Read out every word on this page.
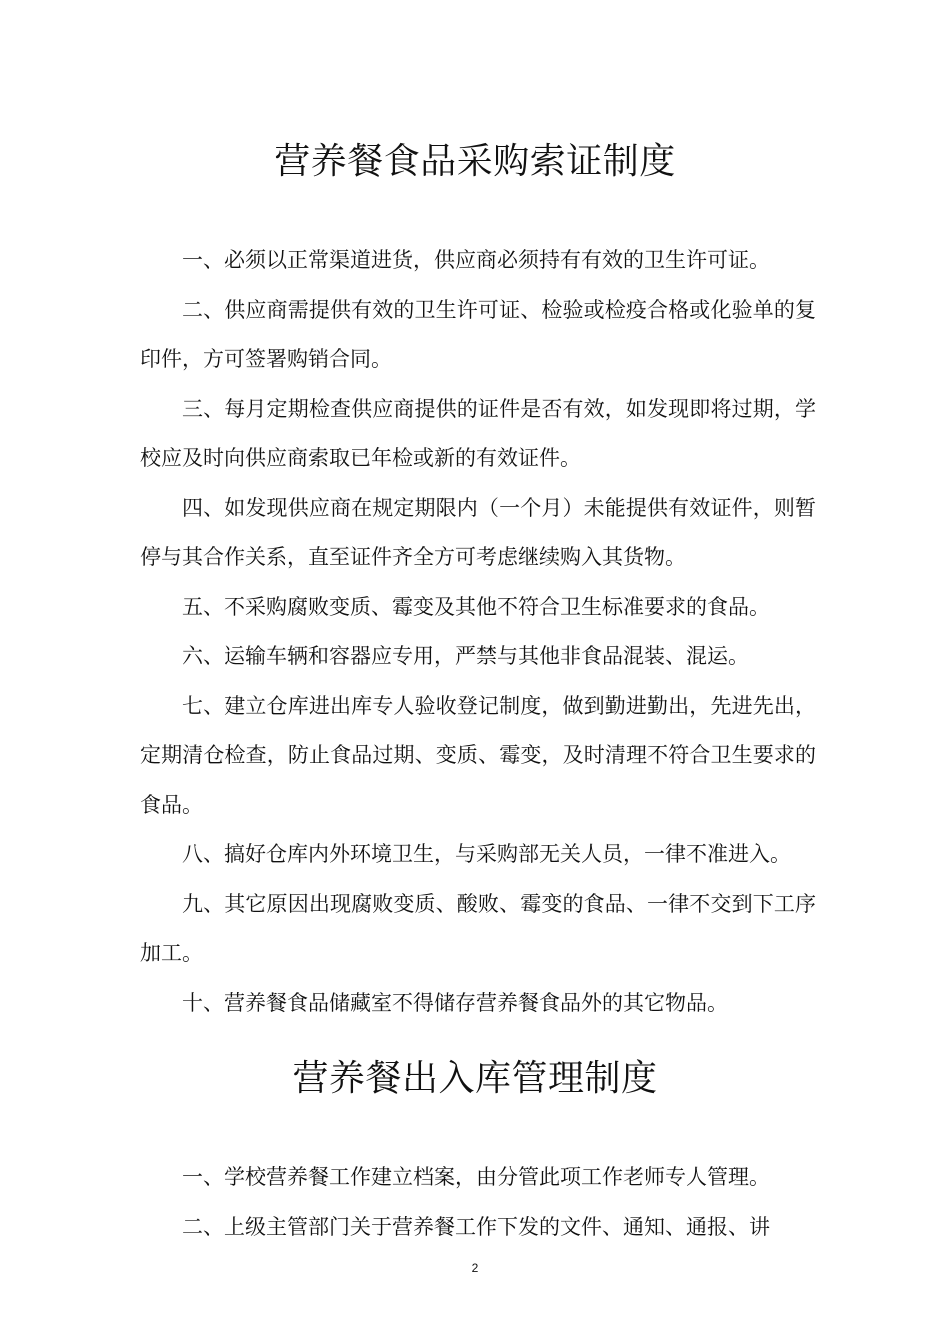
营养餐食品采购索证制度

一、必须以正常渠道进货，供应商必须持有有效的卫生许可证。

二、供应商需提供有效的卫生许可证、检验或检疫合格或化验单的复印件，方可签署购销合同。

三、每月定期检查供应商提供的证件是否有效，如发现即将过期，学校应及时向供应商索取已年检或新的有效证件。

四、如发现供应商在规定期限内（一个月）未能提供有效证件，则暂停与其合作关系，直至证件齐全方可考虑继续购入其货物。

五、不采购腐败变质、霉变及其他不符合卫生标准要求的食品。

六、运输车辆和容器应专用，严禁与其他非食品混装、混运。

七、建立仓库进出库专人验收登记制度，做到勤进勤出，先进先出，定期清仓检查，防止食品过期、变质、霉变，及时清理不符合卫生要求的食品。

八、搞好仓库内外环境卫生，与采购部无关人员，一律不准进入。

九、其它原因出现腐败变质、酸败、霉变的食品、一律不交到下工序加工。

十、营养餐食品储藏室不得储存营养餐食品外的其它物品。

营养餐出入库管理制度

一、学校营养餐工作建立档案，由分管此项工作老师专人管理。

二、上级主管部门关于营养餐工作下发的文件、通知、通报、讲

2
